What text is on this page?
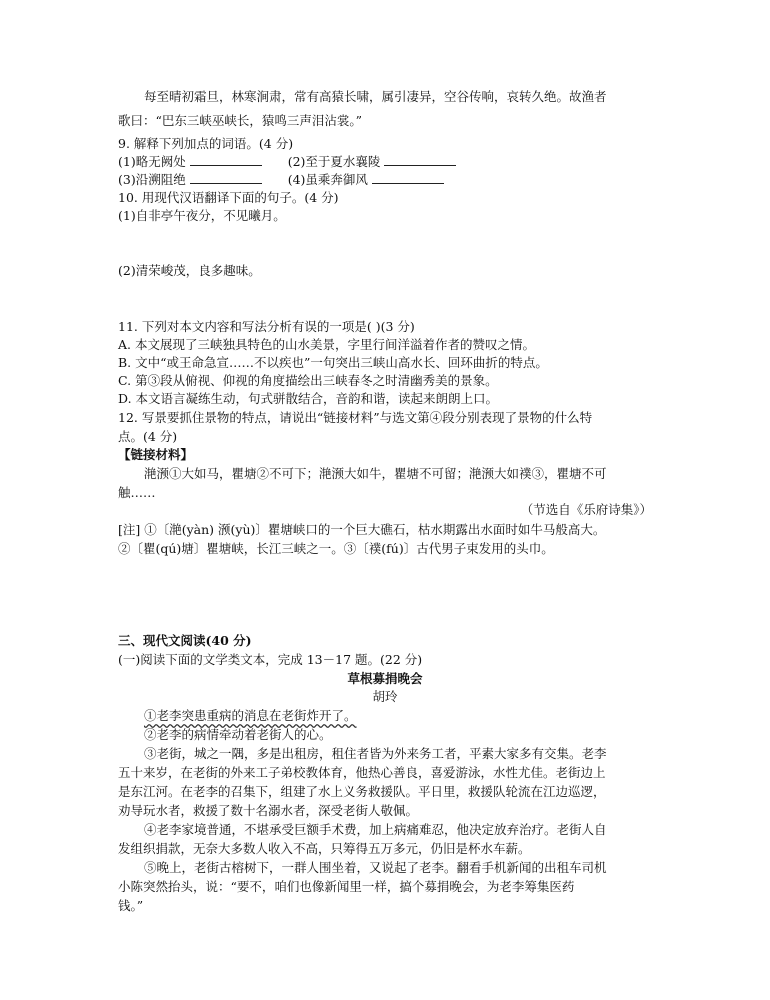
每至晴初霜旦，林寒涧肃，常有高猿长啸，属引凄异，空谷传响，哀转久绝。故渔者
歌曰：“巴东三峡巫峡长，猿鸣三声泪沾裳。”
9. 解释下列加点的词语。(4 分)
(1)略无阙处	(2)至于夏水襄陵
(3)沿溯阻绝	(4)虽乘奔御风
10. 用现代汉语翻译下面的句子。(4 分)
(1)自非亭午夜分，不见曦月。
(2)清荣峻茂，良多趣味。
11. 下列对本文内容和写法分析有误的一项是( )(3 分)
A. 本文展现了三峡独具特色的山水美景，字里行间洋溢着作者的赞叹之情。
B. 文中“或王命急宣……不以疾也”一句突出三峡山高水长、回环曲折的特点。
C. 第③段从俯视、仰视的角度描绘出三峡春冬之时清幽秀美的景象。
D. 本文语言凝练生动，句式骈散结合，音韵和谐，读起来朗朗上口。
12. 写景要抓住景物的特点，请说出“链接材料”与选文第④段分别表现了景物的什么特
点。(4 分)
【链接材料】
滟滪①大如马，瞿塘②不可下；滟滪大如牛，瞿塘不可留；滟滪大如襆③，瞿塘不可
触……
（节选自《乐府诗集》）
[注] ①〔滟(yàn) 滪(yù)〕瞿塘峡口的一个巨大礁石，枯水期露出水面时如牛马般高大。
②〔瞿(qú)塘〕瞿塘峡，长江三峡之一。③〔襆(fú)〕古代男子束发用的头巾。
三、现代文阅读(40 分)
(一)阅读下面的文学类文本，完成 13－17 题。(22 分)
草根募捐晚会
胡玲
①老李突患重病的消息在老街炸开了。
②老李的病情牵动着老街人的心。
③老街，城之一隅，多是出租房，租住者皆为外来务工者，平素大家多有交集。老李
五十来岁，在老街的外来工子弟校教体育，他热心善良，喜爱游泳，水性尤佳。老街边上
是东江河。在老李的召集下，组建了水上义务救援队。平日里，救援队轮流在江边巡逻，
劝导玩水者，救援了数十名溺水者，深受老街人敬佩。
④老李家境普通，不堪承受巨额手术费，加上病痛难忍，他决定放弃治疗。老街人自
发组织捐款，无奈大多数人收入不高，只筹得五万多元，仍旧是杯水车薪。
⑤晚上，老街古榕树下，一群人围坐着，又说起了老李。翻看手机新闻的出租车司机
小陈突然抬头，说：“要不，咱们也像新闻里一样，搞个募捐晚会，为老李筹集医药
钱。”
